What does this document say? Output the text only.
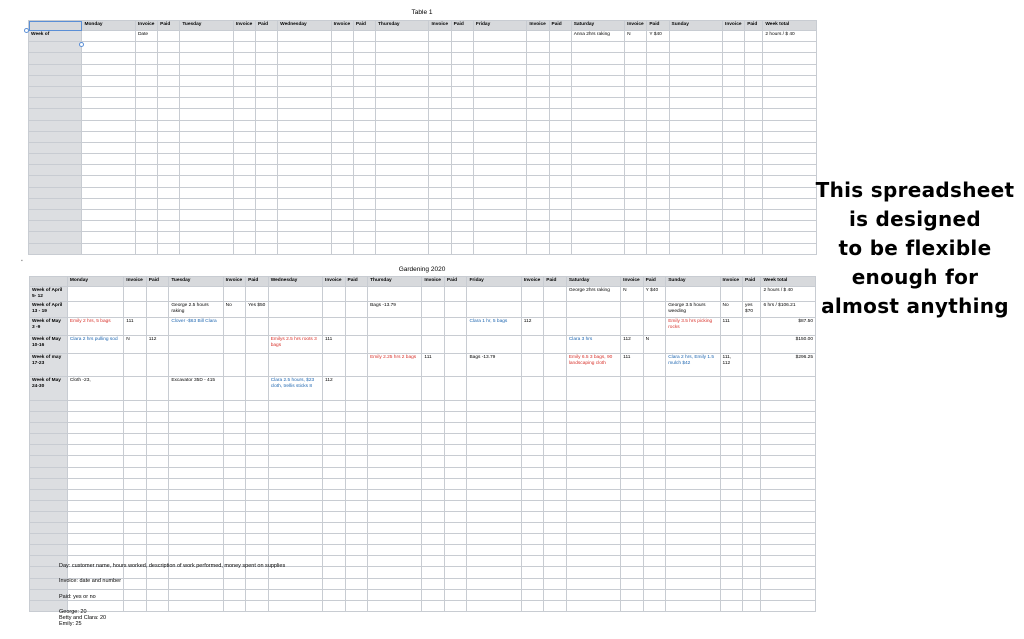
Table 1
	Monday	Invoice	Paid	Tuesday	Invoice	Paid	Wednesday	Invoice	Paid	Thursday	Invoice	Paid	Friday	Invoice	Paid	Saturday	Invoice	Paid	Sunday	Invoice	Paid	Week total
Week of		Date														Anna 2hrs raking	N	Y $40				2 hours / $ 40

▪
Gardening 2020
	Monday	Invoice	Paid	Tuesday	Invoice	Paid	Wednesday	Invoice	Paid	Thursday	Invoice	Paid	Friday	Invoice	Paid	Saturday	Invoice	Paid	Sunday	Invoice	Paid	Week total
Week of April 5- 12																George 2hrs raking	N	Y $40				2 hours / $ 40
Week of April 13 - 19				George 2.5 hours raking	No	Yes $50				Bags -13.79									George 3.5 hours weeding	No	yes $70	6 hrs / $106.21
Week of May 3 -9	Emily 2 hrs, 5 bags	111		Clover -$63 Bill Clara									Clara 1 hr, 5 bags	112					Emily 3.5 hrs picking rocks	111		$87.50
Week of May 10-16	Clara 2 hrs pulling sod	N	112				Emilys 2.5 hrs roots 3 bags	111								Clara 3 hrs	112	N				$150.00
Week of may 17-23										Emily 2.25 hrs 2 bags	111		Bags -13.79			Emily 6.5 3 bags, 90 landscaping cloth	111		Clara 2 hrs, Emily 1.5 mulch $42	111, 112		$296.25
Week of May 24-30	Cloth -23,			Excavator 35D - 415			Clara 2.5 hours, $23 cloth, trellis sticks 8	112														

Day: customer name, hours worked, description of work performed, money spent on supplies
Invoice: date and number
Paid: yes or no
George: 20
Betty and Clara: 20
Emily: 25
This spreadsheet
is designed
to be flexible
enough for
almost anything
